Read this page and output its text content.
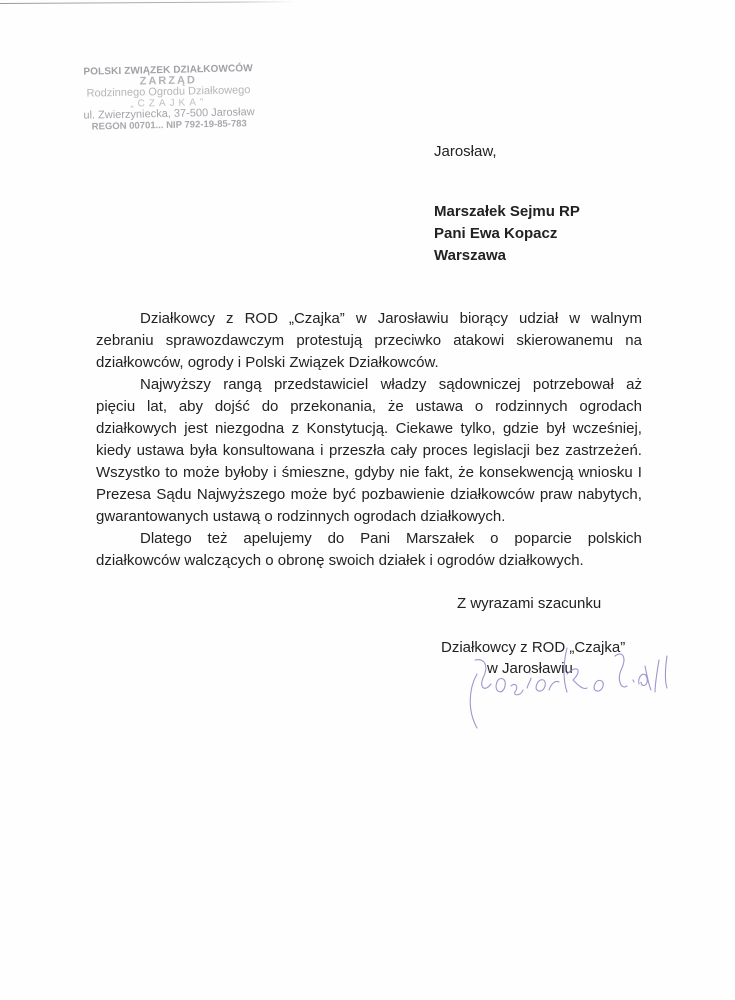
POLSKI ZWIĄZEK DZIAŁKOWCÓW
ZARZĄD
Rodzinnego Ogrodu Działkowego
„CZAJKA”
ul. Zwierzyniecka, 37-500 Jarosław
REGON 00701... NIP 792-19-85-783
Jarosław,
Marszałek Sejmu RP
Pani Ewa Kopacz
Warszawa
Działkowcy z ROD „Czajka” w Jarosławiu biorący udział w walnym
zebraniu sprawozdawczym protestują przeciwko atakowi skierowanemu na
działkowców, ogrody i Polski Związek Działkowców.
Najwyższy rangą przedstawiciel władzy sądowniczej potrzebował aż
pięciu lat, aby dojść do przekonania, że ustawa o rodzinnych ogrodach
działkowych jest niezgodna z Konstytucją. Ciekawe tylko, gdzie był wcześniej,
kiedy ustawa była konsultowana i przeszła cały proces legislacji bez zastrzeżeń.
Wszystko to może byłoby i śmieszne, gdyby nie fakt, że konsekwencją wniosku I
Prezesa Sądu Najwyższego może być pozbawienie działkowców praw nabytych,
gwarantowanych ustawą o rodzinnych ogrodach działkowych.
Dlatego też apelujemy do Pani Marszałek o poparcie polskich
działkowców walczących o obronę swoich działek i ogrodów działkowych.
Z wyrazami szacunku
Działkowcy z ROD „Czajka”
w Jarosławiu
